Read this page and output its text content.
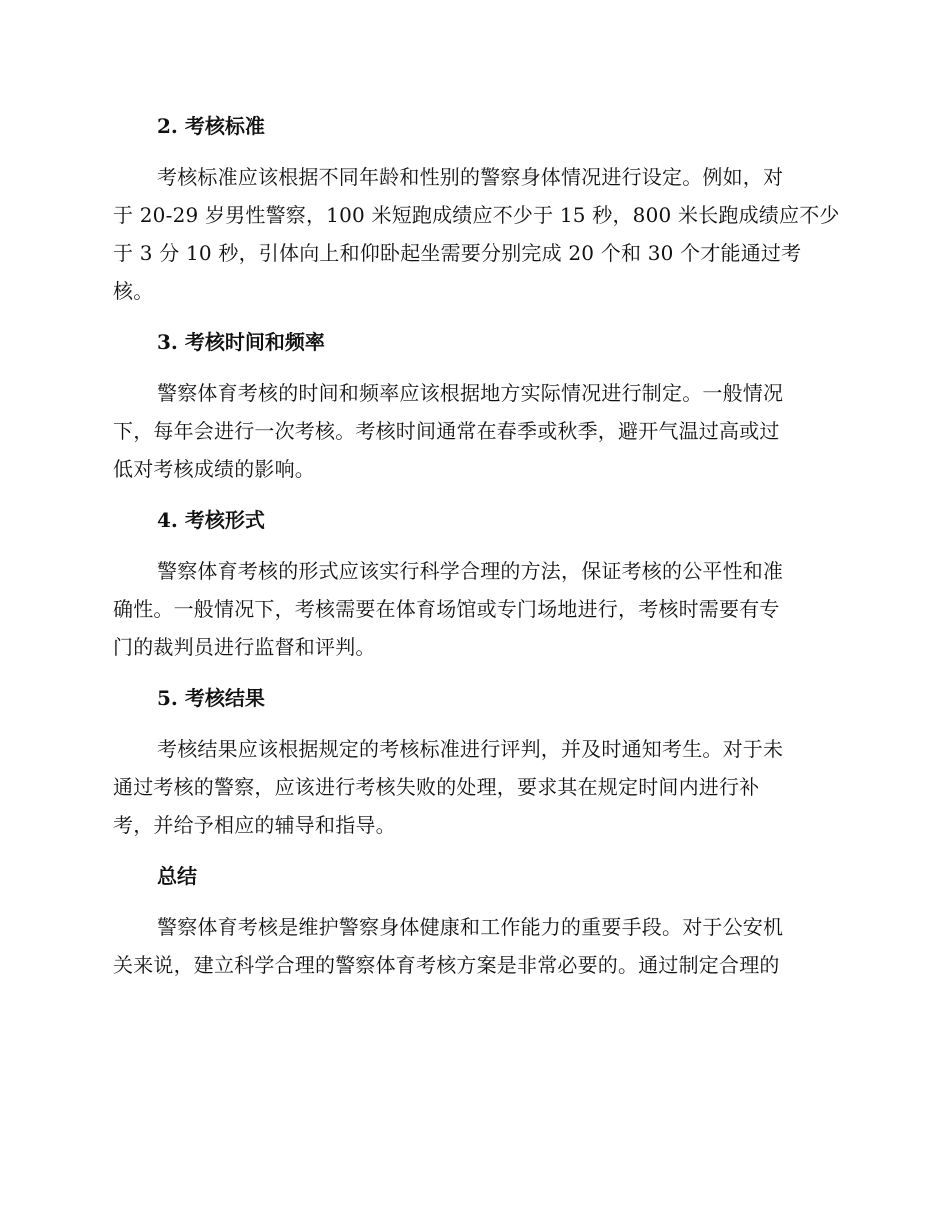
2. 考核标准
考核标准应该根据不同年龄和性别的警察身体情况进行设定。例如，对
于 20-29 岁男性警察，100 米短跑成绩应不少于 15 秒，800 米长跑成绩应不少
于 3 分 10 秒，引体向上和仰卧起坐需要分别完成 20 个和 30 个才能通过考
核。
3. 考核时间和频率
警察体育考核的时间和频率应该根据地方实际情况进行制定。一般情况
下，每年会进行一次考核。考核时间通常在春季或秋季，避开气温过高或过
低对考核成绩的影响。
4. 考核形式
警察体育考核的形式应该实行科学合理的方法，保证考核的公平性和准
确性。一般情况下，考核需要在体育场馆或专门场地进行，考核时需要有专
门的裁判员进行监督和评判。
5. 考核结果
考核结果应该根据规定的考核标准进行评判，并及时通知考生。对于未
通过考核的警察，应该进行考核失败的处理，要求其在规定时间内进行补
考，并给予相应的辅导和指导。
总结
警察体育考核是维护警察身体健康和工作能力的重要手段。对于公安机
关来说，建立科学合理的警察体育考核方案是非常必要的。通过制定合理的
